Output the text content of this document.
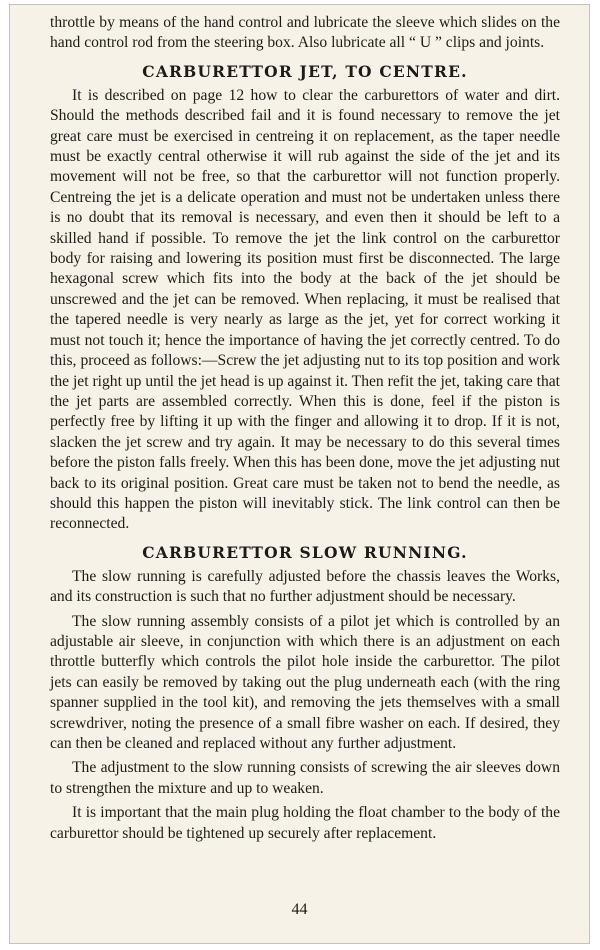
throttle by means of the hand control and lubricate the sleeve which slides on the hand control rod from the steering box. Also lubricate all “ U ” clips and joints.

CARBURETTOR JET, TO CENTRE.

It is described on page 12 how to clear the carburettors of water and dirt. Should the methods described fail and it is found necessary to remove the jet great care must be exercised in centreing it on replacement, as the taper needle must be exactly central otherwise it will rub against the side of the jet and its movement will not be free, so that the carburettor will not function properly. Centreing the jet is a delicate operation and must not be undertaken unless there is no doubt that its removal is necessary, and even then it should be left to a skilled hand if possible. To remove the jet the link control on the carburettor body for raising and lowering its position must first be disconnected. The large hexagonal screw which fits into the body at the back of the jet should be unscrewed and the jet can be removed. When replacing, it must be realised that the tapered needle is very nearly as large as the jet, yet for correct working it must not touch it; hence the importance of having the jet correctly centred. To do this, proceed as follows:—Screw the jet adjusting nut to its top position and work the jet right up until the jet head is up against it. Then refit the jet, taking care that the jet parts are assembled correctly. When this is done, feel if the piston is perfectly free by lifting it up with the finger and allowing it to drop. If it is not, slacken the jet screw and try again. It may be necessary to do this several times before the piston falls freely. When this has been done, move the jet adjusting nut back to its original position. Great care must be taken not to bend the needle, as should this happen the piston will inevitably stick. The link control can then be reconnected.

CARBURETTOR SLOW RUNNING.

The slow running is carefully adjusted before the chassis leaves the Works, and its construction is such that no further adjustment should be necessary.

The slow running assembly consists of a pilot jet which is controlled by an adjustable air sleeve, in conjunction with which there is an adjustment on each throttle butterfly which controls the pilot hole inside the carburettor. The pilot jets can easily be removed by taking out the plug underneath each (with the ring spanner supplied in the tool kit), and removing the jets themselves with a small screwdriver, noting the presence of a small fibre washer on each. If desired, they can then be cleaned and replaced without any further adjustment.

The adjustment to the slow running consists of screwing the air sleeves down to strengthen the mixture and up to weaken.

It is important that the main plug holding the float chamber to the body of the carburettor should be tightened up securely after replacement.

44
